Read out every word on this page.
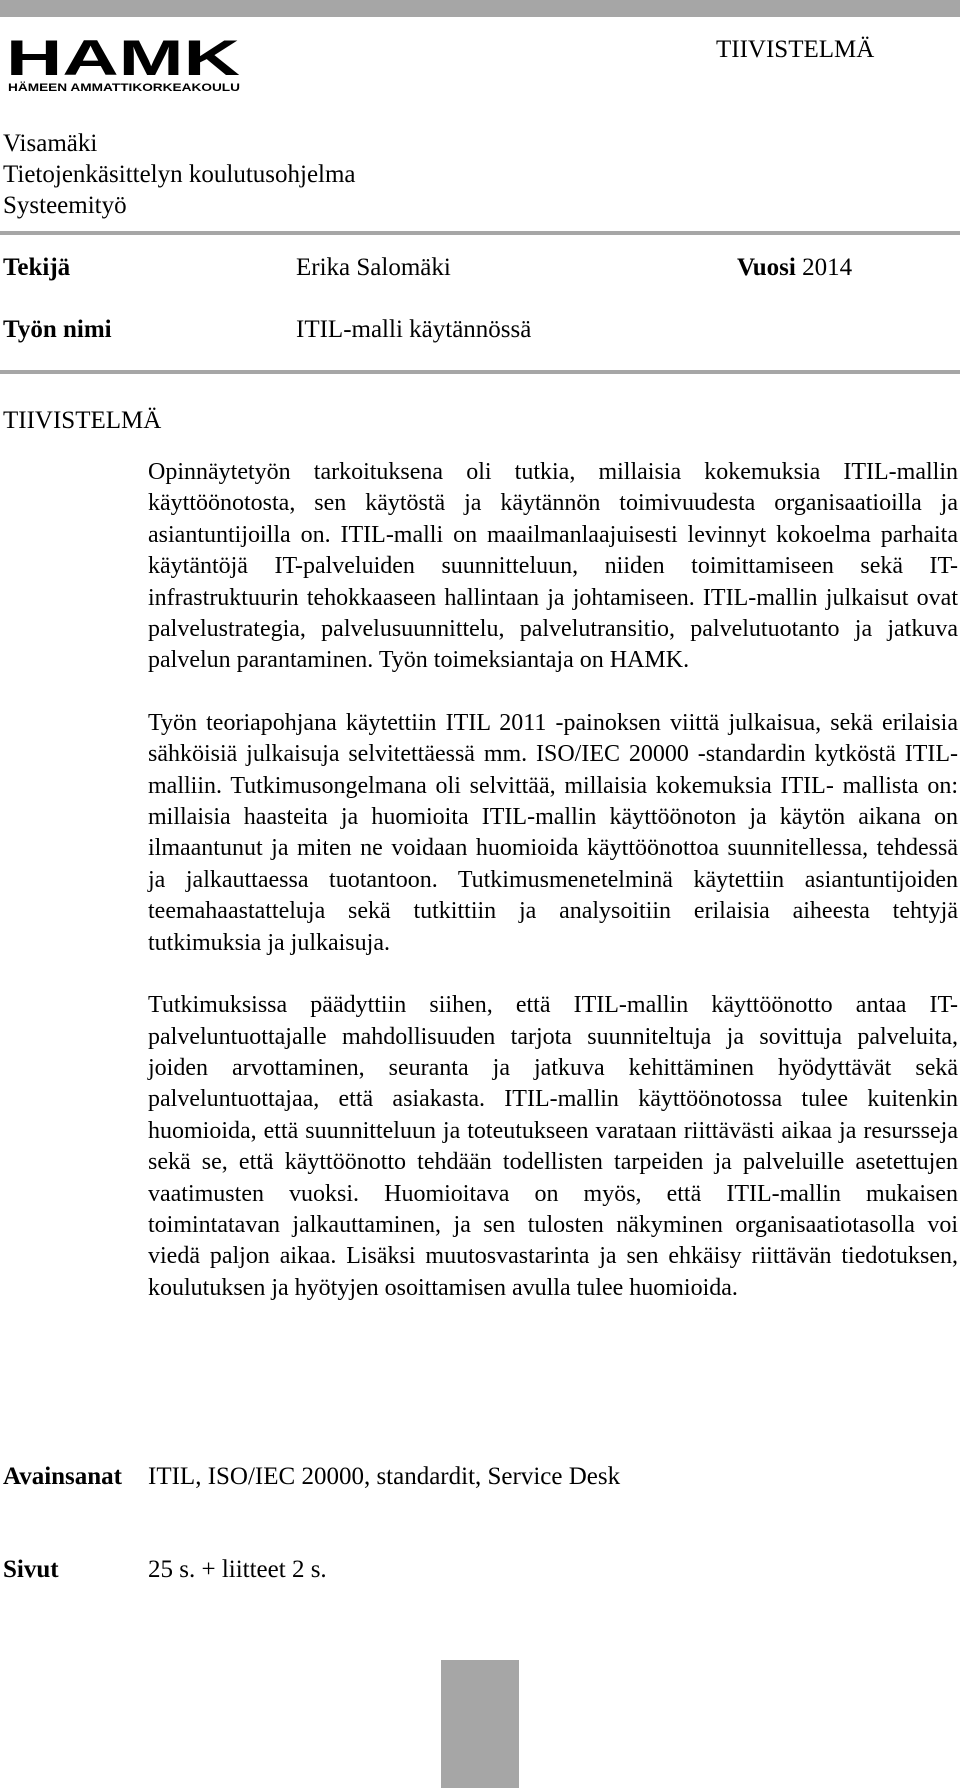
HAMK
HÄMEEN AMMATTIKORKEAKOULU
TIIVISTELMÄ
Visamäki
Tietojenkäsittelyn koulutusohjelma
Systeemityö
Tekijä	Erika Salomäki	Vuosi 2014
Työn nimi	ITIL-malli käytännössä
TIIVISTELMÄ

Opinnäytetyön tarkoituksena oli tutkia, millaisia kokemuksia ITIL-mallin käyttöönotosta, sen käytöstä ja käytännön toimivuudesta organisaatioilla ja asiantuntijoilla on. ITIL-malli on maailmanlaajuisesti levinnyt kokoelma parhaita käytäntöjä IT-palveluiden suunnitteluun, niiden toimittamiseen sekä IT-infrastruktuurin tehokkaaseen hallintaan ja johtamiseen. ITIL-mallin julkaisut ovat palvelustrategia, palvelusuunnittelu, palvelutransitio, palvelutuotanto ja jatkuva palvelun parantaminen. Työn toimeksiantaja on HAMK.

Työn teoriapohjana käytettiin ITIL 2011 -painoksen viittä julkaisua, sekä erilaisia sähköisiä julkaisuja selvitettäessä mm. ISO/IEC 20000 -standardin kytköstä ITIL-malliin. Tutkimusongelmana oli selvittää, millaisia kokemuksia ITIL- mallista on: millaisia haasteita ja huomioita ITIL-mallin käyttöönoton ja käytön aikana on ilmaantunut ja miten ne voidaan huomioida käyttöönottoa suunnitellessa, tehdessä ja jalkauttaessa tuotantoon. Tutkimusmenetelminä käytettiin asiantuntijoiden teemahaastatteluja sekä tutkittiin ja analysoitiin erilaisia aiheesta tehtyjä tutkimuksia ja julkaisuja.

Tutkimuksissa päädyttiin siihen, että ITIL-mallin käyttöönotto antaa IT-palveluntuottajalle mahdollisuuden tarjota suunniteltuja ja sovittuja palveluita, joiden arvottaminen, seuranta ja jatkuva kehittäminen hyödyttävät sekä palveluntuottajaa, että asiakasta. ITIL-mallin käyttöönotossa tulee kuitenkin huomioida, että suunnitteluun ja toteutukseen varataan riittävästi aikaa ja resursseja sekä se, että käyttöönotto tehdään todellisten tarpeiden ja palveluille asetettujen vaatimusten vuoksi. Huomioitava on myös, että ITIL-mallin mukaisen toimintatavan jalkauttaminen, ja sen tulosten näkyminen organisaatiotasolla voi viedä paljon aikaa. Lisäksi muutosvastarinta ja sen ehkäisy riittävän tiedotuksen, koulutuksen ja hyötyjen osoittamisen avulla tulee huomioida.

Avainsanat ITIL, ISO/IEC 20000, standardit, Service Desk
Sivut	25 s. + liitteet 2 s.
